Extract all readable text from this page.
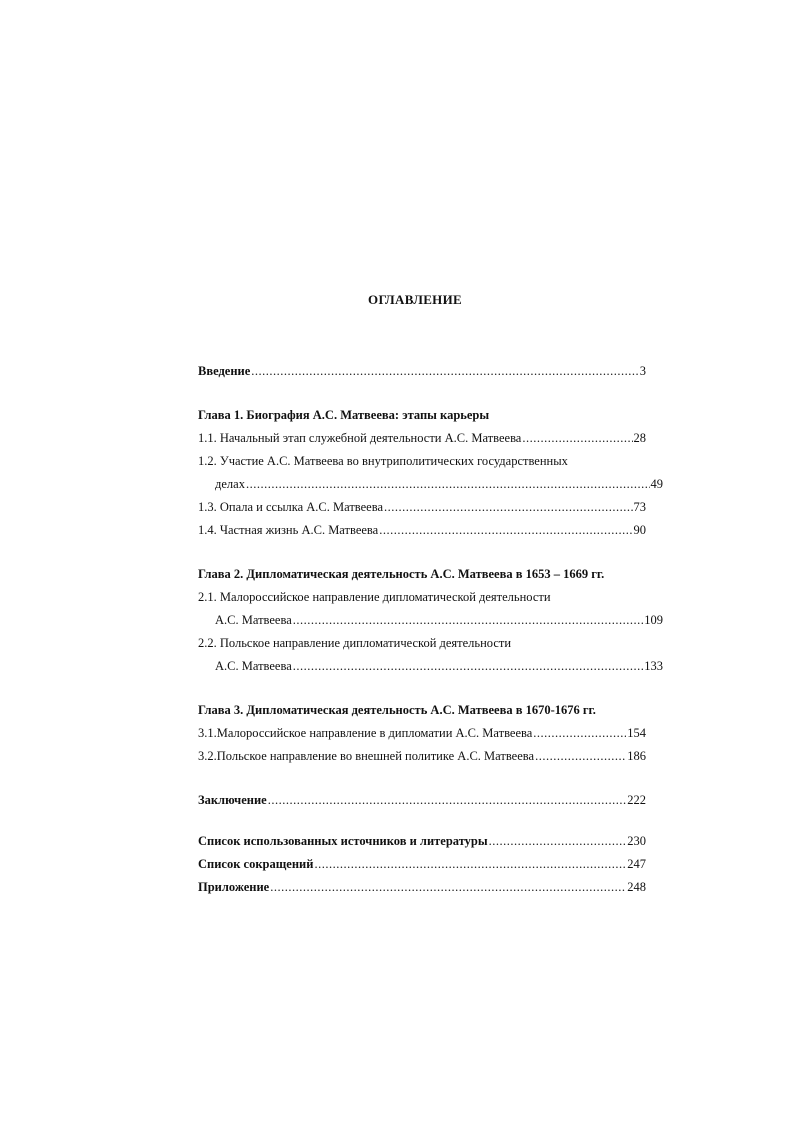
ОГЛАВЛЕНИЕ
Введение .....	3
Глава 1. Биография А.С. Матвеева: этапы карьеры
1.1. Начальный этап служебной деятельности А.С. Матвеева .....	28
1.2. Участие А.С. Матвеева во внутриполитических государственных
делах .....	49
1.3. Опала и ссылка А.С. Матвеева .....	73
1.4. Частная жизнь А.С. Матвеева .....	90
Глава 2. Дипломатическая деятельность А.С. Матвеева в 1653 – 1669 гг.
2.1. Малороссийское направление дипломатической деятельности
А.С. Матвеева .....	109
2.2. Польское направление дипломатической деятельности
А.С. Матвеева .....	133
Глава 3. Дипломатическая деятельность А.С. Матвеева в 1670-1676 гг.
3.1.Малороссийское направление в дипломатии А.С. Матвеева .....	154
3.2.Польское направление во внешней политике А.С. Матвеева .....	186
Заключение .....	222
Список использованных источников и литературы .....	230
Список сокращений .....	247
Приложение .....	248
